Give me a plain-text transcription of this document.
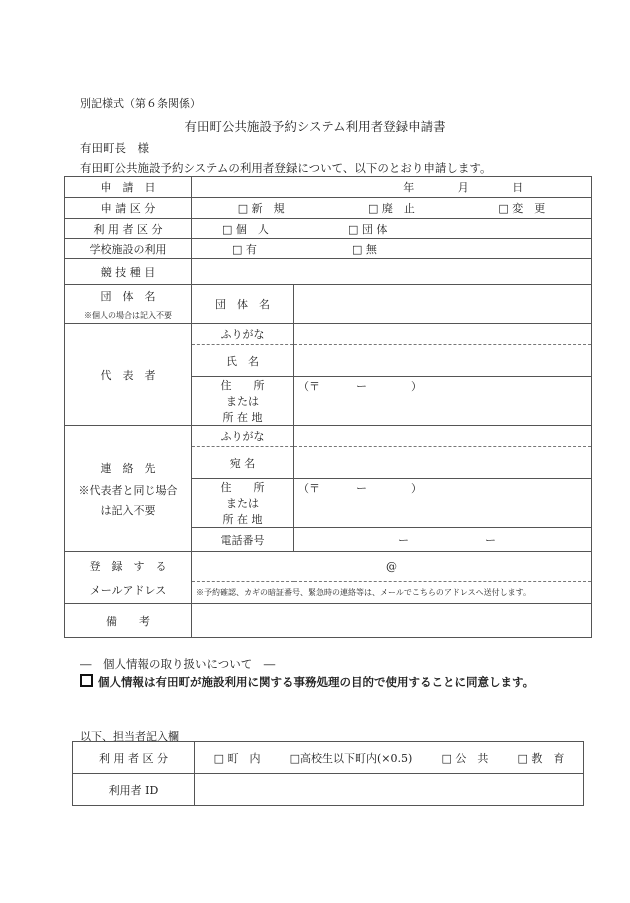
別記様式（第６条関係）
有田町公共施設予約システム利用者登録申請書
有田町長　様
有田町公共施設予約システムの利用者登録について、以下のとおり申請します。
申　請　日	年 月 日	

申 請 区 分	□ 新　規 □ 廃　止 □ 変　更	

利 用 者 区 分	□ 個　人 □ 団 体	

学校施設の利用	□ 有 □ 無	

競 技 種 目		

団　体　名
※個人の場合は記入不要	団　体　名	
代　表　者	ふりがな	
	氏　名	

	住　　所
または
所 在 地	（〒 ー ）

連　絡　先
※代表者と同じ場合
は記入不要	ふりがな	
	宛 名	

	住　　所
または
所 在 地	（〒 ー ）
	電話番号	ー ー

登　録　す　る
メールアドレス	@	

	※予約確認、カギの暗証番号、緊急時の連絡等は、メールでこちらのアドレスへ送付します。	
備　　考		
―　個人情報の取り扱いについて　―
個人情報は有田町が施設利用に関する事務処理の目的で使用することに同意します。
以下、担当者記入欄
利 用 者 区 分	□ 町　内 □高校生以下町内(×0.5) □ 公　共 □ 教　育

利用者 ID	
